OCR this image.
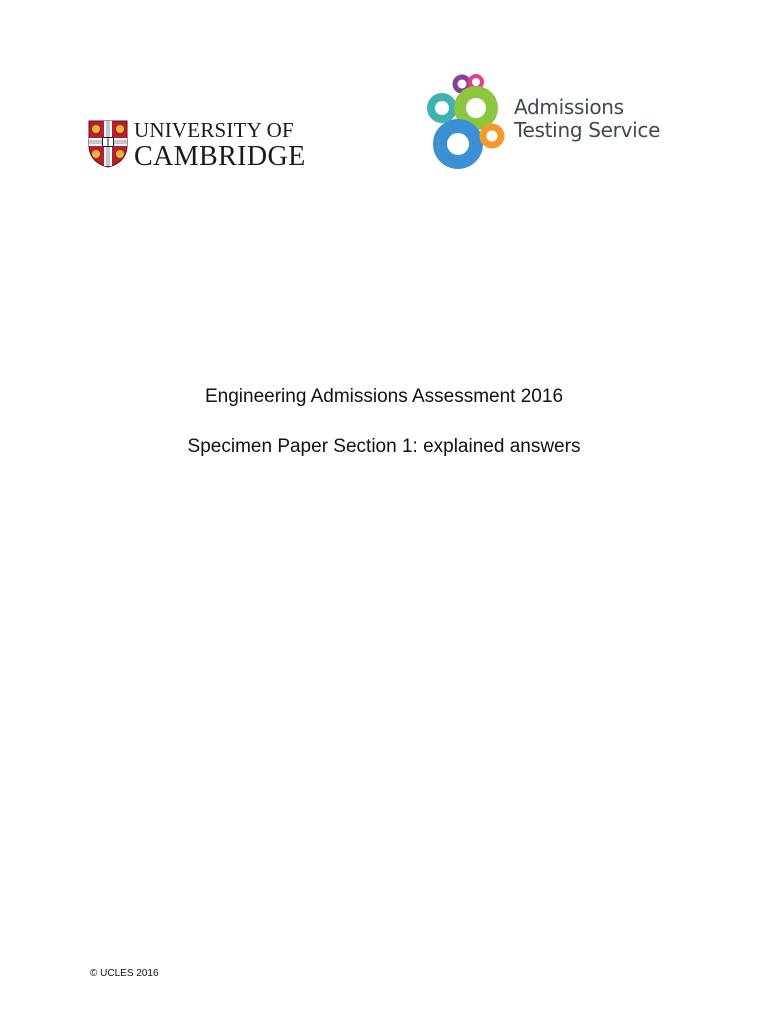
UNIVERSITY OF
CAMBRIDGE
Admissions
Testing Service
Engineering Admissions Assessment 2016
Specimen Paper Section 1: explained answers
© UCLES 2016
